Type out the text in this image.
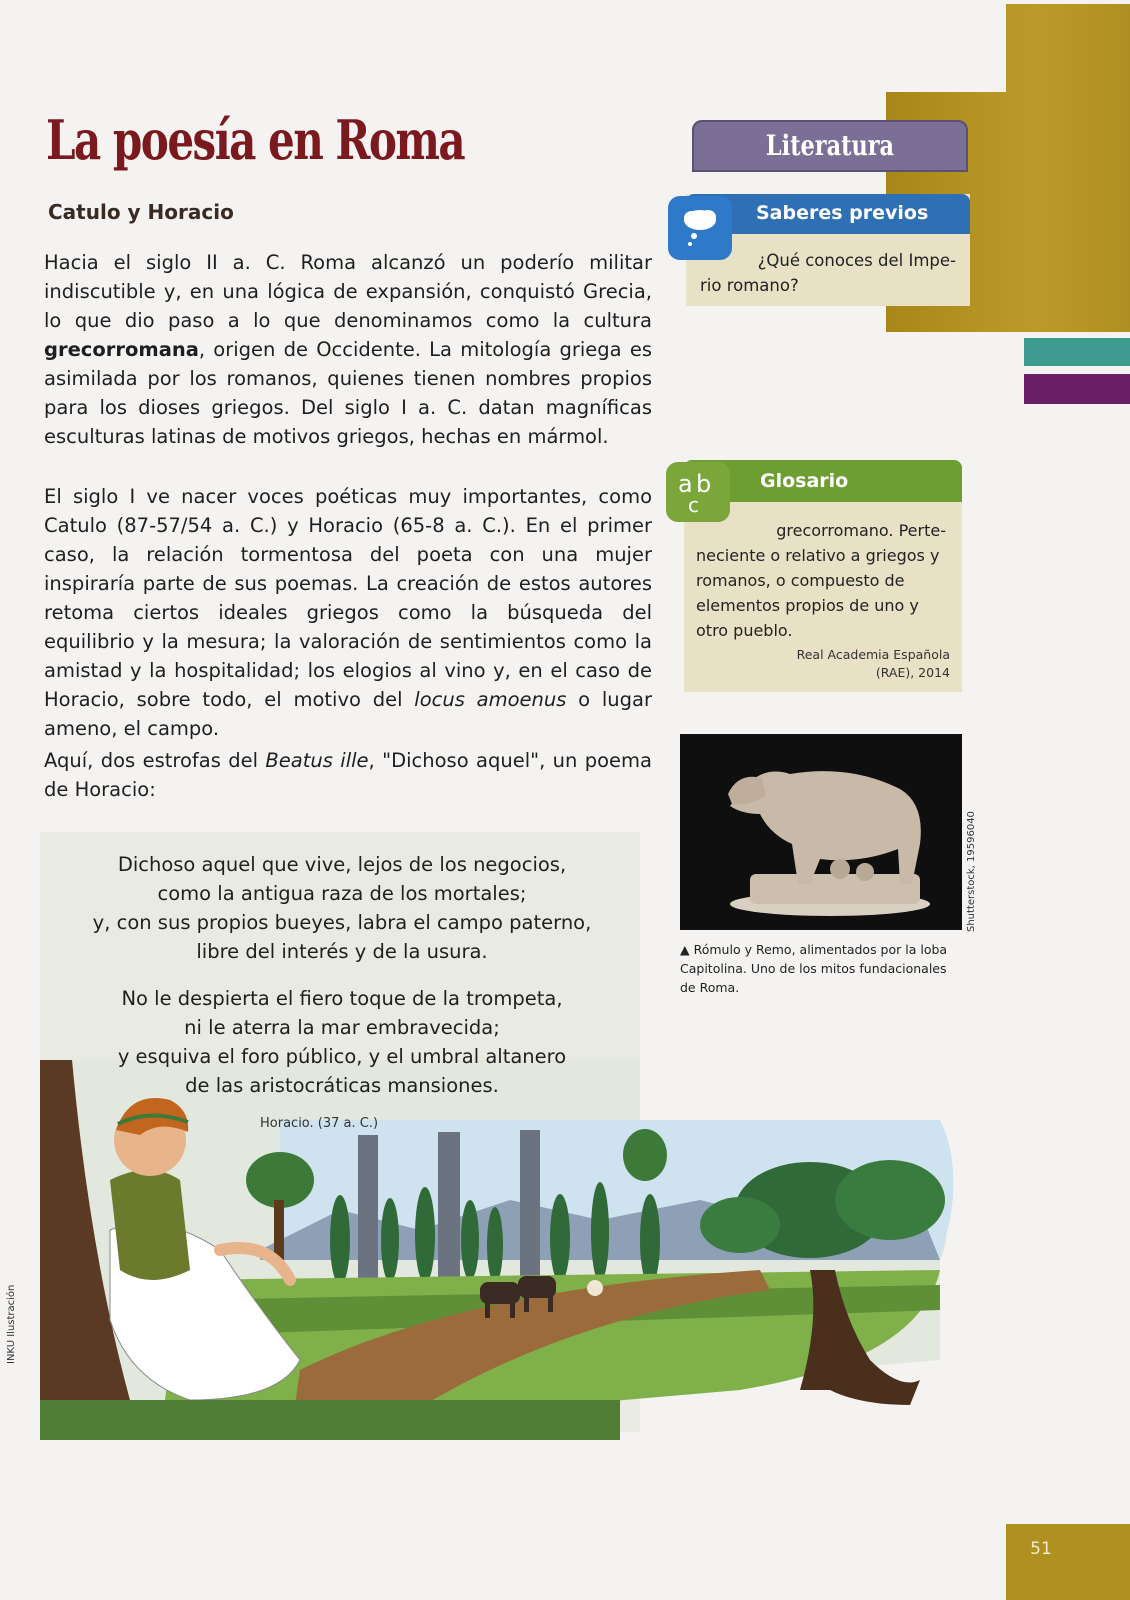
51
La poesía en Roma
Catulo y Horacio
Hacia el siglo II a. C. Roma alcanzó un poderío militar indiscutible y, en una lógica de expansión, conquistó Grecia, lo que dio paso a lo que denominamos como la cultura grecorromana, origen de Occidente. La mitología griega es asimilada por los romanos, quienes tienen nombres propios para los dioses griegos. Del siglo I a. C. datan magníficas esculturas latinas de motivos griegos, hechas en mármol.
El siglo I ve nacer voces poéticas muy importantes, como Catulo (87-57/54 a. C.) y Horacio (65-8 a. C.). En el primer caso, la relación tormentosa del poeta con una mujer inspiraría parte de sus poemas. La creación de estos autores retoma ciertos ideales griegos como la búsqueda del equilibrio y la mesura; la valoración de sentimientos como la amistad y la hospitalidad; los elogios al vino y, en el caso de Horacio, sobre todo, el motivo del locus amoenus o lugar ameno, el campo.
Aquí, dos estrofas del Beatus ille, "Dichoso aquel", un poema de Horacio:
Dichoso aquel que vive, lejos de los negocios,
como la antigua raza de los mortales;
y, con sus propios bueyes, labra el campo paterno,
libre del interés y de la usura.
No le despierta el fiero toque de la trompeta,
ni le aterra la mar embravecida;
y esquiva el foro público, y el umbral altanero
de las aristocráticas mansiones.
Horacio. (37 a. C.)
INKU Ilustración
Literatura
Saberes previos
¿Qué conoces del Impe-
rio romano?
a b
c
Glosario
grecorromano. Perte-
neciente o relativo a griegos y romanos, o compuesto de elementos propios de uno y otro pueblo.
Real Academia Española
(RAE), 2014
Shutterstock, 19596040
▲ Rómulo y Remo, alimentados por la loba Capitolina. Uno de los mitos fundacionales de Roma.
